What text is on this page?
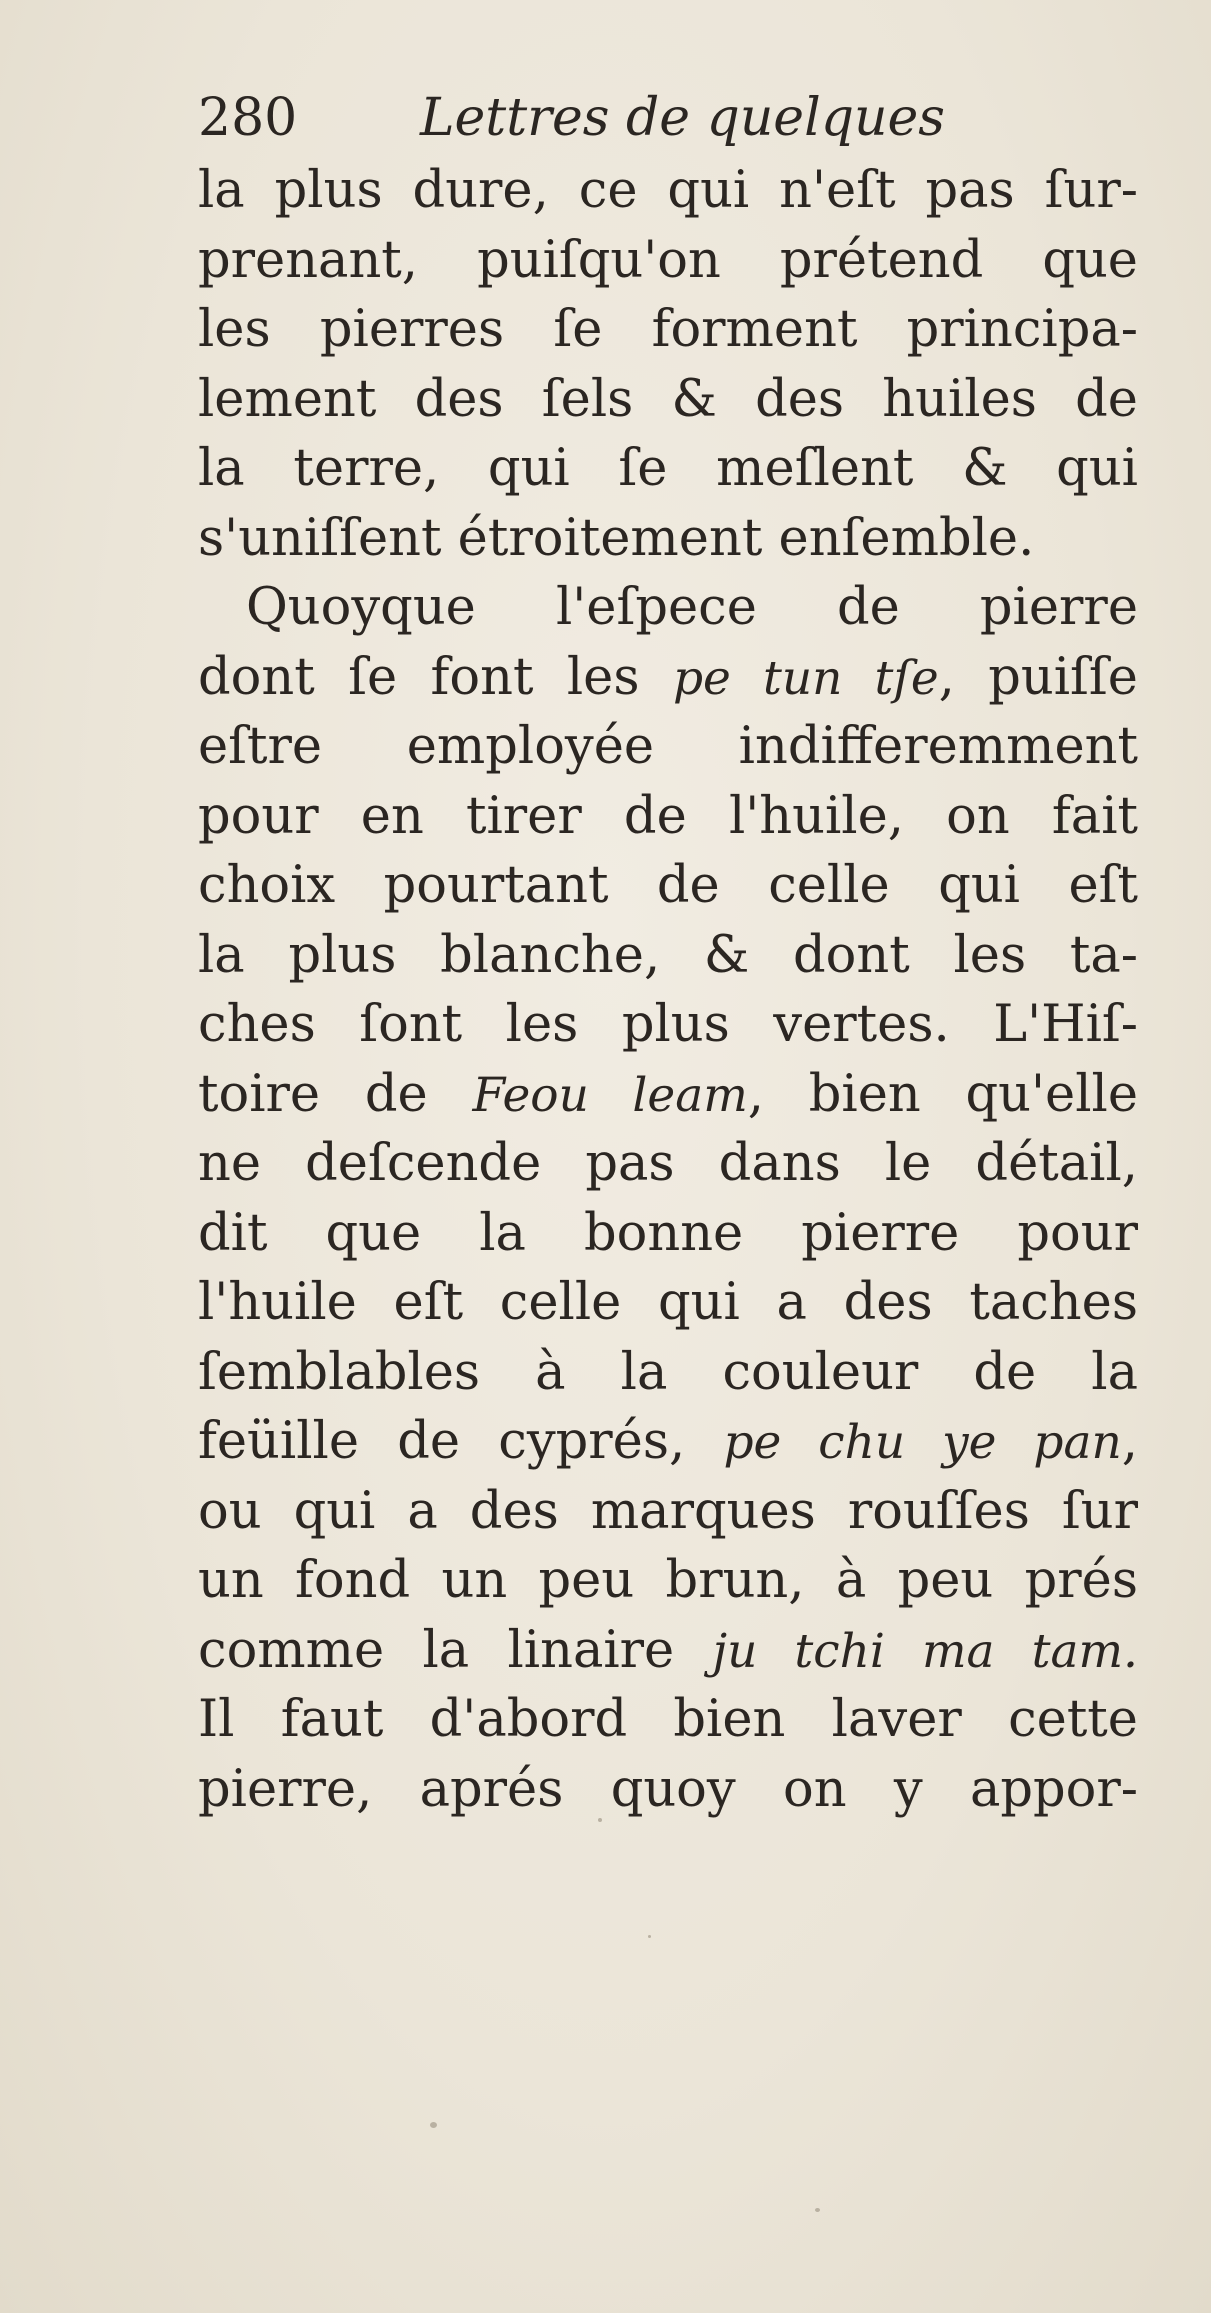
280 Lettres de quelques
la plus dure, ce qui n'eſt pas ſur-
prenant, puiſqu'on prétend que
les pierres ſe forment principa-
lement des ſels & des huiles de
la terre, qui ſe meſlent & qui
s'uniſſent étroitement enſemble.
Quoyque l'eſpece de pierre
dont ſe font les pe tun tſe, puiſſe
eſtre employée indifferemment
pour en tirer de l'huile, on fait
choix pourtant de celle qui eſt
la plus blanche, & dont les ta-
ches ſont les plus vertes. L'Hiſ-
toire de Feou leam, bien qu'elle
ne deſcende pas dans le détail,
dit que la bonne pierre pour
l'huile eſt celle qui a des taches
ſemblables à la couleur de la
feüille de cyprés, pe chu ye pan,
ou qui a des marques rouſſes ſur
un fond un peu brun, à peu prés
comme la linaire ju tchi ma tam.
Il faut d'abord bien laver cette
pierre, aprés quoy on y appor-
